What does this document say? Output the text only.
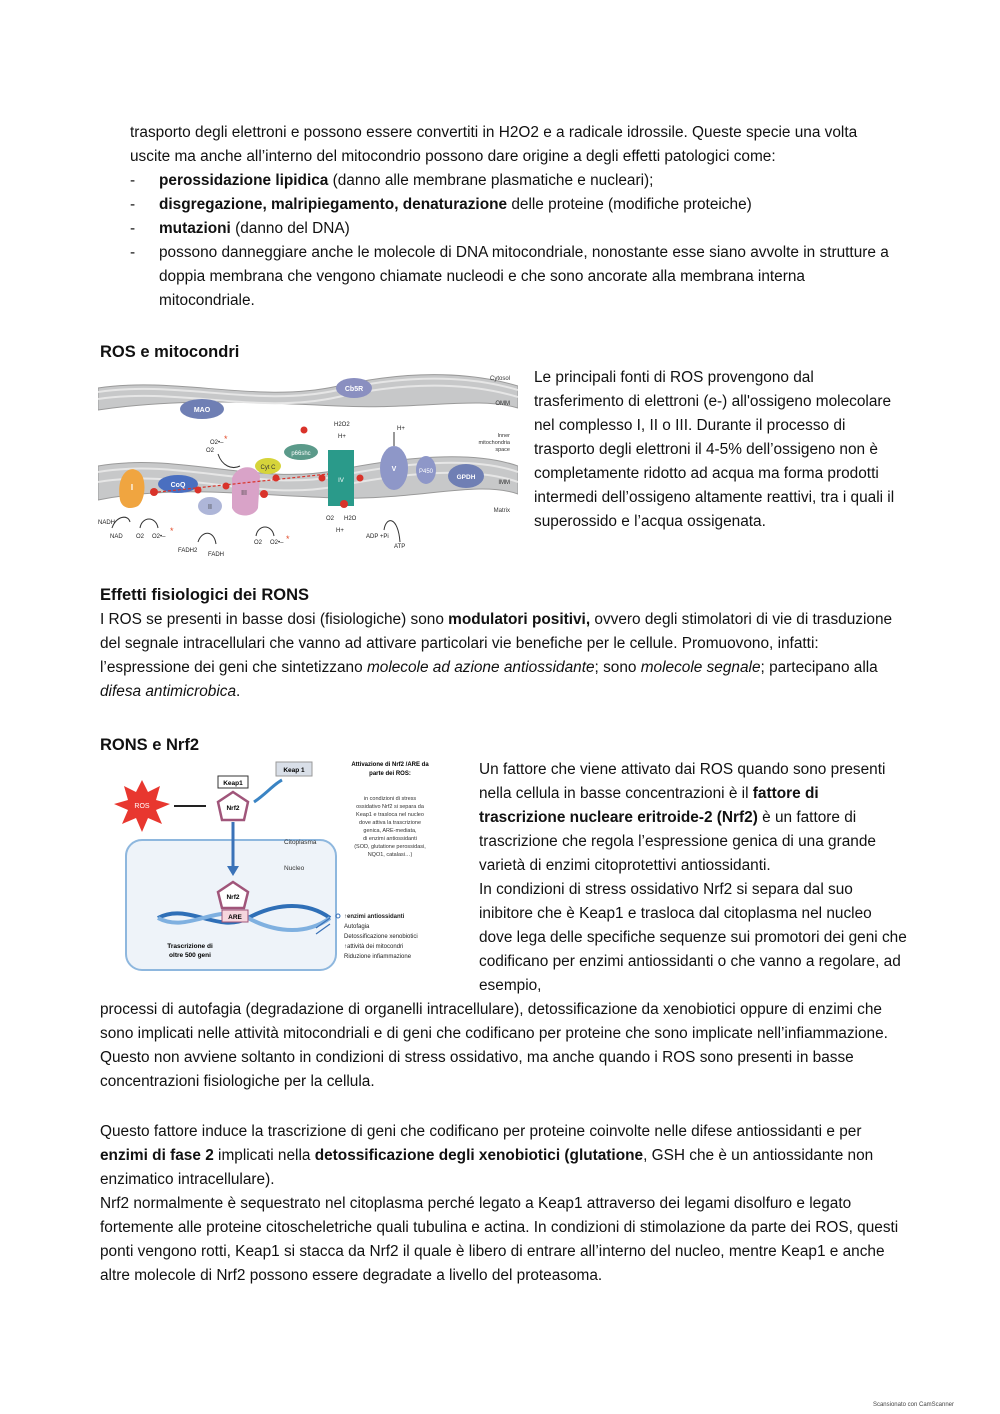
trasporto degli elettroni e possono essere convertiti in H2O2 e a radicale idrossile. Queste specie una volta uscite ma anche all’interno del mitocondrio possono dare origine a degli effetti patologici come:

- perossidazione lipidica (danno alle membrane plasmatiche e nucleari);
- disgregazione, malripiegamento, denaturazione delle proteine (modifiche proteiche)
- mutazioni (danno del DNA)
- possono danneggiare anche le molecole di DNA mitocondriale, nonostante esse siano avvolte in strutture a doppia membrana che vengono chiamate nucleodi e che sono ancorate alla membrana interna mitocondriale.
ROS e mitocondri
Cytosol
OMM
Inner
mitochondria
space
IMM
Matrix
MAO
Cb5R
p66shc
H2O2
H+
I	CoQ
II
III
Cyt C
IV
V
H+
P450
GPDH
O2
O2•– *
NADH
NAD O2 O2•–
*
FADH2
FADH
O2 O2•– *
O2 H2O
H+
ADP +Pi
ATP

Le principali fonti di ROS provengono dal trasferimento di elettroni (e-) all'ossigeno molecolare nel complesso I, II o III. Durante il processo di trasporto degli elettroni il 4-5% dell’ossigeno non è completamente ridotto ad acqua ma forma prodotti intermedi dell’ossigeno altamente reattivi, tra i quali il superossido e l’acqua ossigenata.

Effetti fisiologici dei RONS

I ROS se presenti in basse dosi (fisiologiche) sono modulatori positivi, ovvero degli stimolatori di vie di trasduzione del segnale intracellulari che vanno ad attivare particolari vie benefiche per le cellule. Promuovono, infatti: l’espressione dei geni che sintetizzano molecole ad azione antiossidante; sono molecole segnale; partecipano alla difesa antimicrobica.

RONS e Nrf2
ROS
Keap1
Nrf2
Keap 1
Citoplasma
Nucleo
Nrf2
ARE
Trascrizione di
oltre 500 geni
Attivazione di Nrf2 /ARE da
parte dei ROS:
in condizioni di stress
ossidativo Nrf2 si separa da
Keap1 e trasloca nel nucleo
dove attiva la trascrizione
genica, ARE-mediata,
di enzimi antiossidanti
(SOD, glutatione perossidasi,
NQO1, catalasi…)
↑enzimi antiossidanti
Autofagia
Detossificazione xenobiotici
↑attività dei mitocondri
Riduzione infiammazione

Un fattore che viene attivato dai ROS quando sono presenti nella cellula in basse concentrazioni è il fattore di trascrizione nucleare eritroide-2 (Nrf2) è un fattore di trascrizione che regola l’espressione genica di una grande varietà di enzimi citoprotettivi antiossidanti.
In condizioni di stress ossidativo Nrf2 si separa dal suo inibitore che è Keap1 e trasloca dal citoplasma nel nucleo dove lega delle specifiche sequenze sui promotori dei geni che codificano per enzimi antiossidanti o che vanno a regolare, ad esempio,

processi di autofagia (degradazione di organelli intracellulare), detossificazione da xenobiotici oppure di enzimi che sono implicati nelle attività mitocondriali e di geni che codificano per proteine che sono implicate nell’infiammazione. Questo non avviene soltanto in condizioni di stress ossidativo, ma anche quando i ROS sono presenti in basse concentrazioni fisiologiche per la cellula.

Questo fattore induce la trascrizione di geni che codificano per proteine coinvolte nelle difese antiossidanti e per enzimi di fase 2 implicati nella detossificazione degli xenobiotici (glutatione, GSH che è un antiossidante non enzimatico intracellulare).
Nrf2 normalmente è sequestrato nel citoplasma perché legato a Keap1 attraverso dei legami disolfuro e legato fortemente alle proteine citoscheletriche quali tubulina e actina. In condizioni di stimolazione da parte dei ROS, questi ponti vengono rotti, Keap1 si stacca da Nrf2 il quale è libero di entrare all’interno del nucleo, mentre Keap1 e anche altre molecole di Nrf2 possono essere degradate a livello del proteasoma.

Scansionato con CamScanner
